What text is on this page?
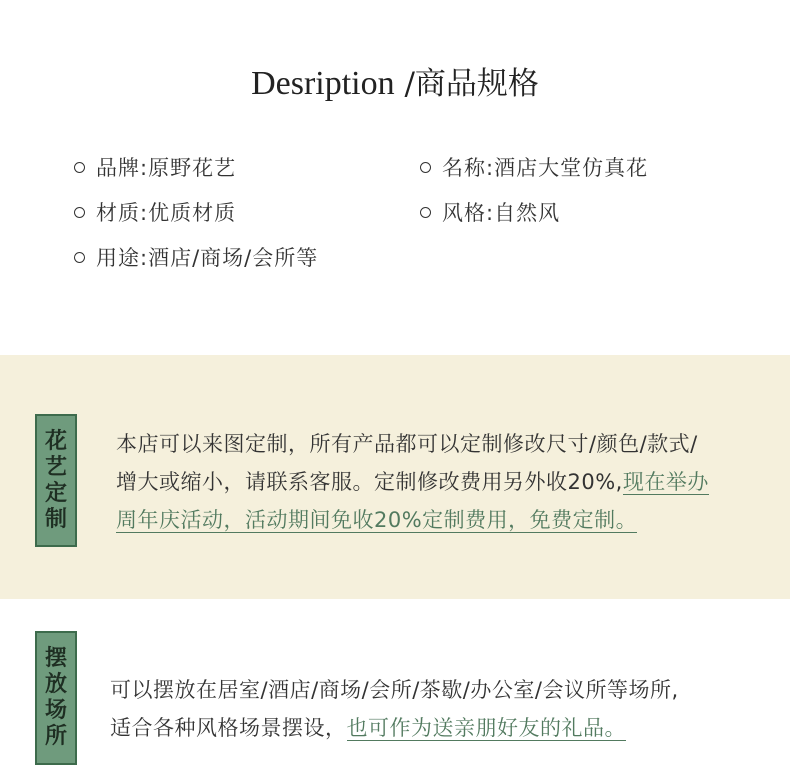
Desription /商品规格
品牌:原野花艺	名称:酒店大堂仿真花
材质:优质材质	风格:自然风
用途:酒店/商场/会所等
花
艺
定
制
本店可以来图定制，所有产品都可以定制修改尺寸/颜色/款式/
增大或缩小，请联系客服。定制修改费用另外收20%,现在举办
周年庆活动，活动期间免收20%定制费用，免费定制。
摆
放
场
所
可以摆放在居室/酒店/商场/会所/茶歇/办公室/会议所等场所,
适合各种风格场景摆设，也可作为送亲朋好友的礼品。
